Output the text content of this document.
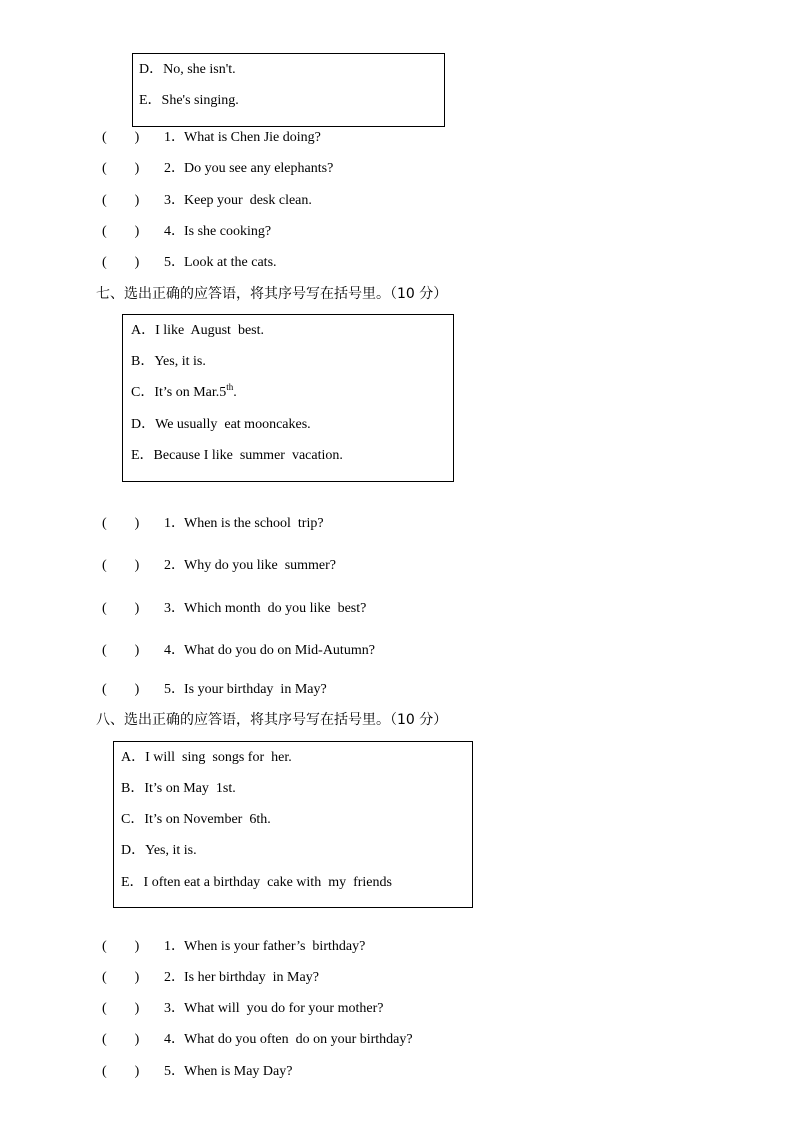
D．No, she isn't.
E．She's singing.
(　　) 1．What is Chen Jie doing?
(　　) 2．Do you see any elephants?
(　　) 3．Keep your  desk clean.
(　　) 4．Is she cooking?
(　　) 5．Look at the cats.
七、选出正确的应答语，将其序号写在括号里。（10 分）
A．I like  August  best.
B．Yes, it is.
C．It’s on Mar.5th.
D．We usually  eat mooncakes.
E．Because I like  summer  vacation.
(　　) 1．When is the school  trip?
(　　) 2．Why do you like  summer?
(　　) 3．Which month  do you like  best?
(　　) 4．What do you do on Mid-Autumn?
(　　) 5．Is your birthday  in May?
八、选出正确的应答语，将其序号写在括号里。（10 分）
A．I will  sing  songs for  her.
B．It’s on May  1st.
C．It’s on November  6th.
D．Yes, it is.
E．I often eat a birthday  cake with  my  friends
(　　) 1．When is your father’s  birthday?
(　　) 2．Is her birthday  in May?
(　　) 3．What will  you do for your mother?
(　　) 4．What do you often  do on your birthday?
(　　) 5．When is May Day?
